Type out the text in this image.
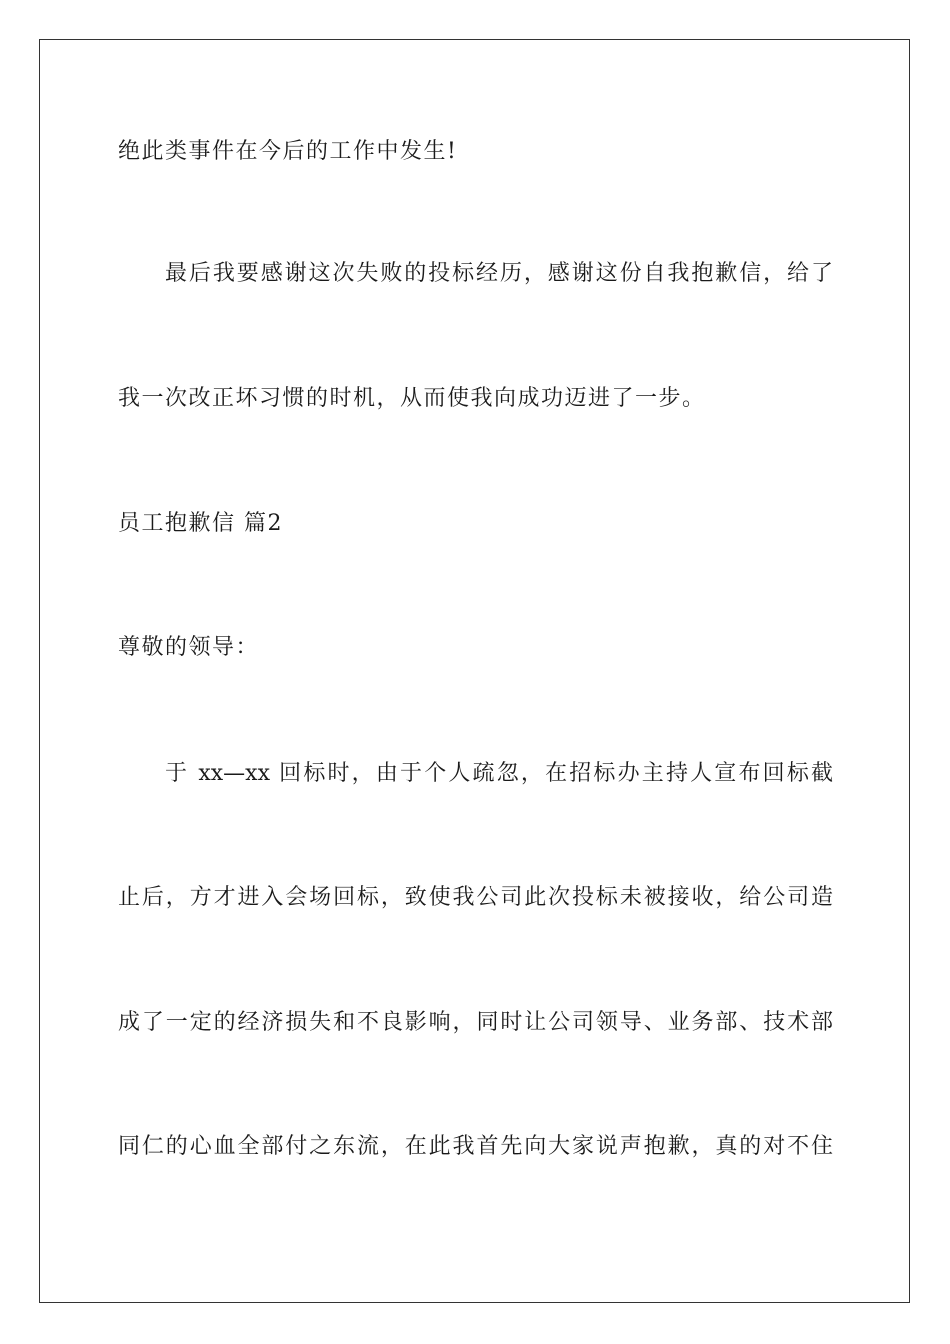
绝此类事件在今后的工作中发生!
最后我要感谢这次失败的投标经历，感谢这份自我抱歉信，给了
我一次改正坏习惯的时机，从而使我向成功迈进了一步。
员工抱歉信 篇2
尊敬的领导：
于 xx—xx 回标时，由于个人疏忽，在招标办主持人宣布回标截
止后，方才进入会场回标，致使我公司此次投标未被接收，给公司造
成了一定的经济损失和不良影响，同时让公司领导、业务部、技术部
同仁的心血全部付之东流，在此我首先向大家说声抱歉，真的对不住
